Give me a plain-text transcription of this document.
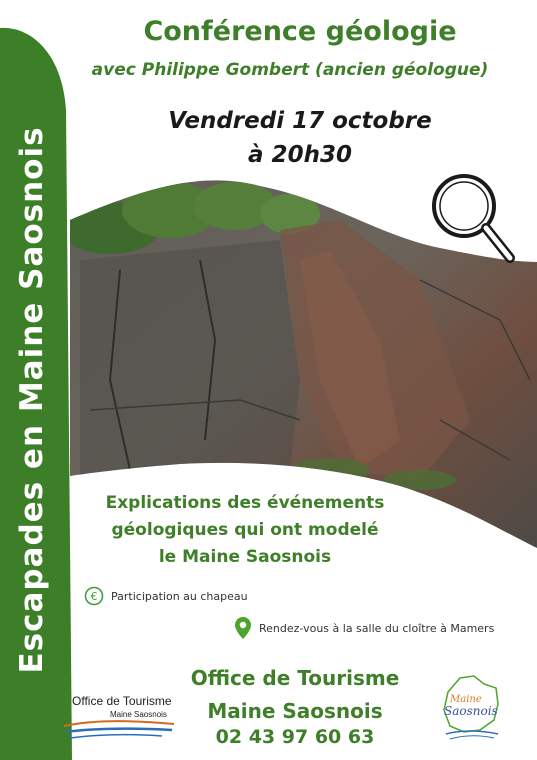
Escapades en Maine Saosnois
Conférence géologie
avec Philippe Gombert (ancien géologue)
Vendredi 17 octobre
à 20h30
Explications des événements
géologiques qui ont modelé
le Maine Saosnois
€ Participation au chapeau
Rendez-vous à la salle du cloître à Mamers
Office de Tourisme
Maine Saosnois
02 43 97 60 63
Office de Tourisme
Maine Saosnois
Maine
Saosnois
